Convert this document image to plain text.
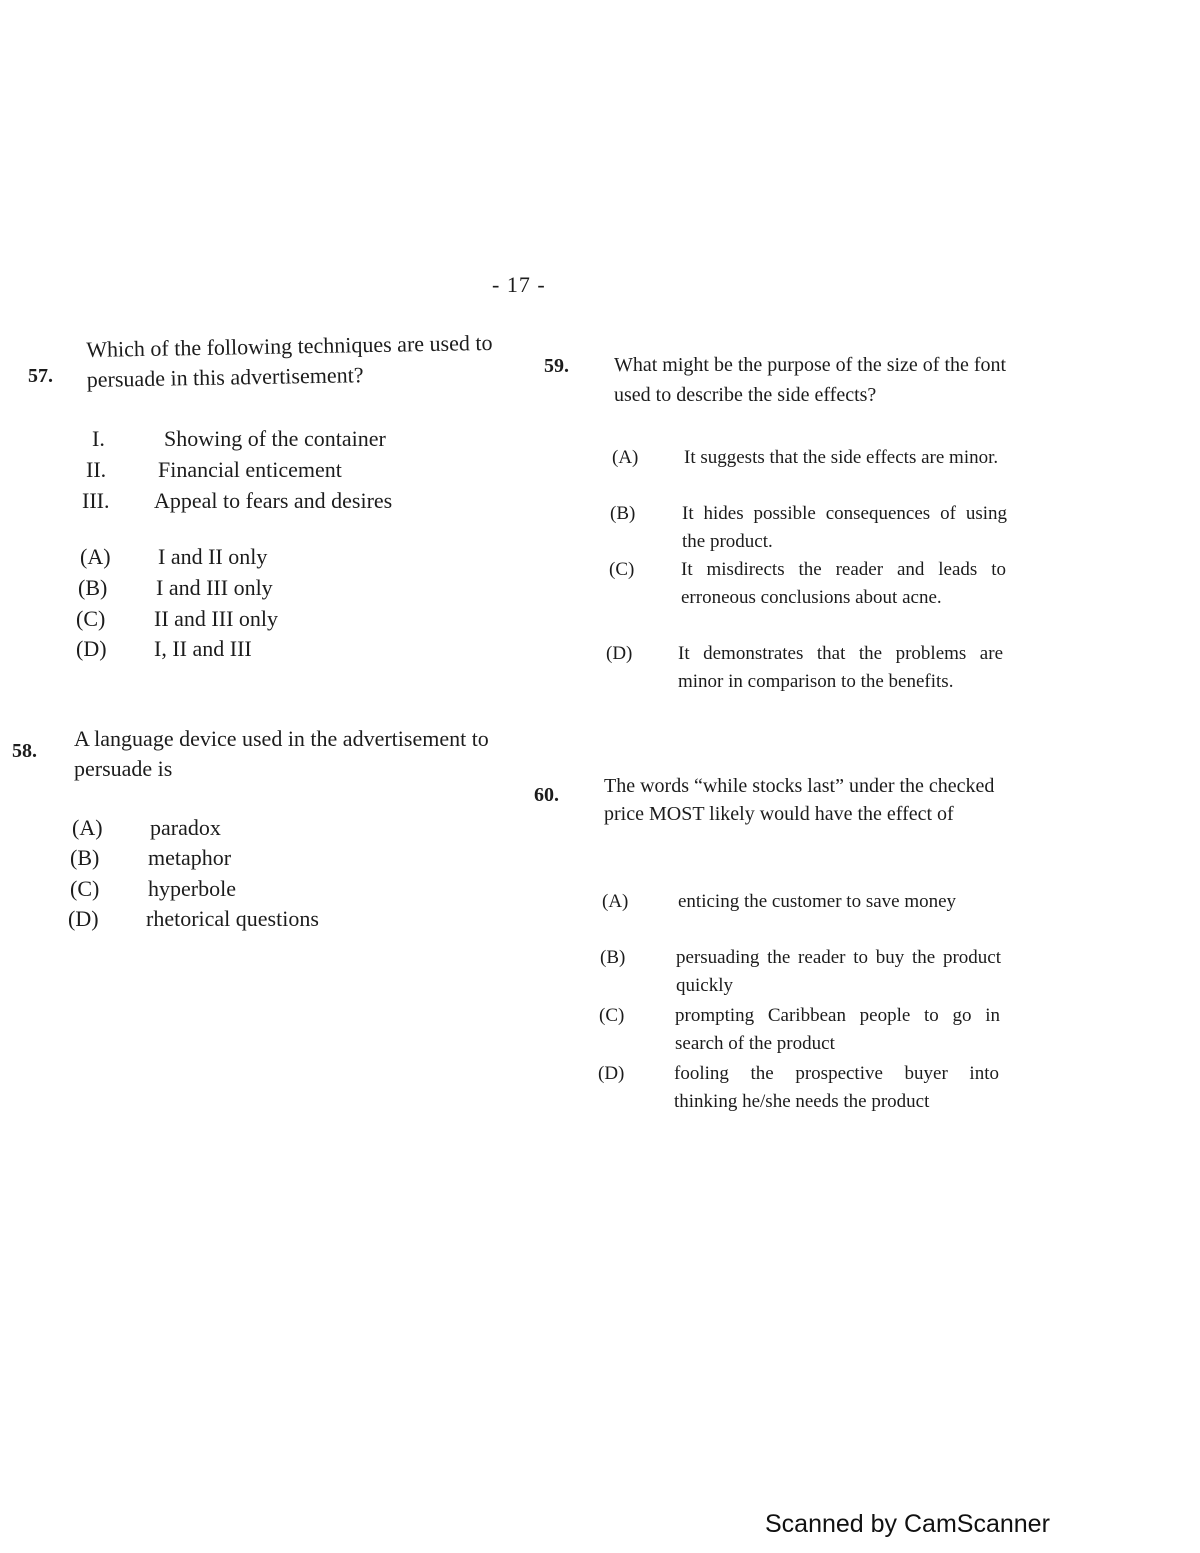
- 17 -
57.
Which of the following techniques are used to persuade in this advertisement?
I.	Showing of the container
II. Financial enticement
III. Appeal to fears and desires
(A) I and II only
(B) I and III only
(C) II and III only
(D) I, II and III
58. A language device used in the advertisement to persuade is
(A) paradox
(B) metaphor
(C) hyperbole
(D) rhetorical questions
59. What might be the purpose of the size of the font used to describe the side effects?
(A) It suggests that the side effects are minor.
(B) It hides possible consequences of using the product.
(C) It misdirects the reader and leads to erroneous conclusions about acne.
(D) It demonstrates that the problems are minor in comparison to the benefits.
60. The words “while stocks last” under the checked price MOST likely would have the effect of
(A)	enticing the customer to save money
(B)	persuading the reader to buy the product quickly
(C)	prompting Caribbean people to go in search of the product
(D)	fooling the prospective buyer into thinking he/she needs the product
Scanned by CamScanner
